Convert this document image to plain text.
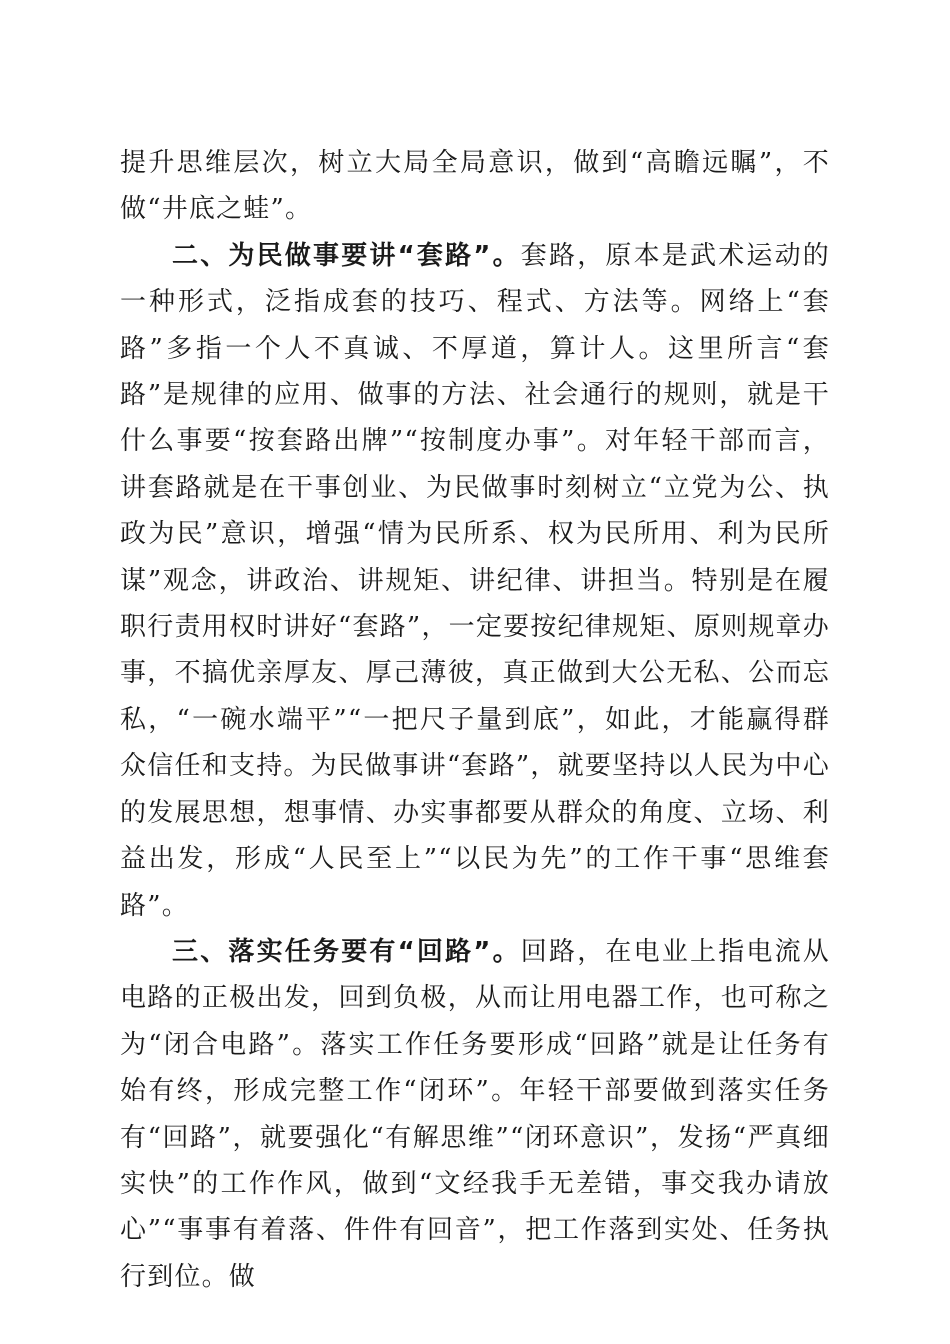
提升思维层次，树立大局全局意识，做到“高瞻远瞩”，不做“井底之蛙”。

二、为民做事要讲“套路”。套路，原本是武术运动的一种形式，泛指成套的技巧、程式、方法等。网络上“套路”多指一个人不真诚、不厚道，算计人。这里所言“套路”是规律的应用、做事的方法、社会通行的规则，就是干什么事要“按套路出牌”“按制度办事”。对年轻干部而言，讲套路就是在干事创业、为民做事时刻树立“立党为公、执政为民”意识，增强“情为民所系、权为民所用、利为民所谋”观念，讲政治、讲规矩、讲纪律、讲担当。特别是在履职行责用权时讲好“套路”，一定要按纪律规矩、原则规章办事，不搞优亲厚友、厚己薄彼，真正做到大公无私、公而忘私，“一碗水端平”“一把尺子量到底”，如此，才能赢得群众信任和支持。为民做事讲“套路”，就要坚持以人民为中心的发展思想，想事情、办实事都要从群众的角度、立场、利益出发，形成“人民至上”“以民为先”的工作干事“思维套路”。

三、落实任务要有“回路”。回路，在电业上指电流从电路的正极出发，回到负极，从而让用电器工作，也可称之为“闭合电路”。落实工作任务要形成“回路”就是让任务有始有终，形成完整工作“闭环”。年轻干部要做到落实任务有“回路”，就要强化“有解思维”“闭环意识”，发扬“严真细实快”的工作作风，做到“文经我手无差错，事交我办请放心”“事事有着落、件件有回音”，把工作落到实处、任务执行到位。做
